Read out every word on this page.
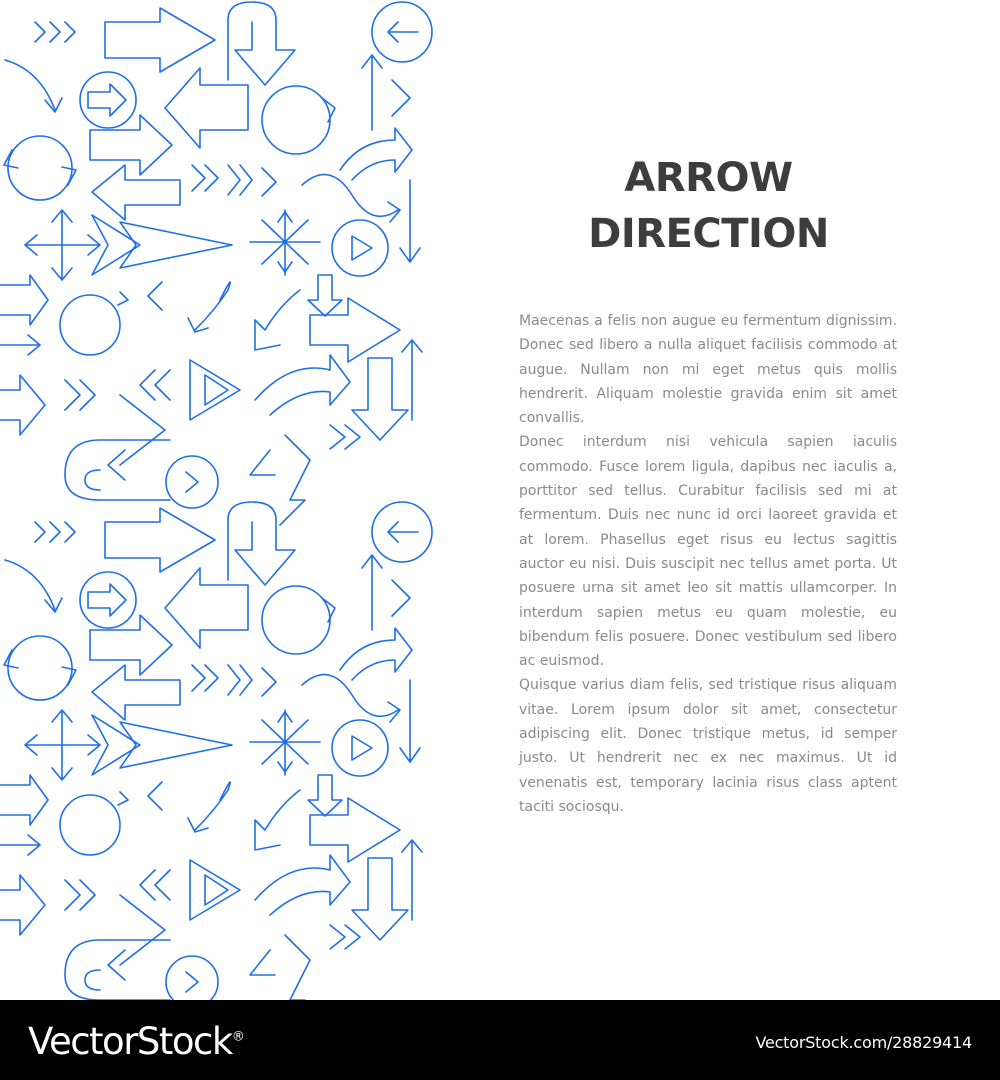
ARROW
DIRECTION

Maecenas a felis non augue eu fermentum dignissim. Donec sed libero a nulla aliquet facilisis commodo at augue. Nullam non mi eget metus quis mollis hendrerit. Aliquam molestie gravida enim sit amet convallis.

Donec interdum nisi vehicula sapien iaculis commodo. Fusce lorem ligula, dapibus nec iaculis a, porttitor sed tellus. Curabitur facilisis sed mi at fermentum. Duis nec nunc id orci laoreet gravida et at lorem. Phasellus eget risus eu lectus sagittis auctor eu nisi. Duis suscipit nec tellus amet porta. Ut posuere urna sit amet leo sit mattis ullamcorper. In interdum sapien metus eu quam molestie, eu bibendum felis posuere. Donec vestibulum sed libero ac euismod.

Quisque varius diam felis, sed tristique risus aliquam vitae. Lorem ipsum dolor sit amet, consectetur adipiscing elit. Donec tristique metus, id semper justo. Ut hendrerit nec ex nec maximus. Ut id venenatis est, temporary lacinia risus class aptent taciti sociosqu.

VectorStock®	VectorStock.com/28829414
